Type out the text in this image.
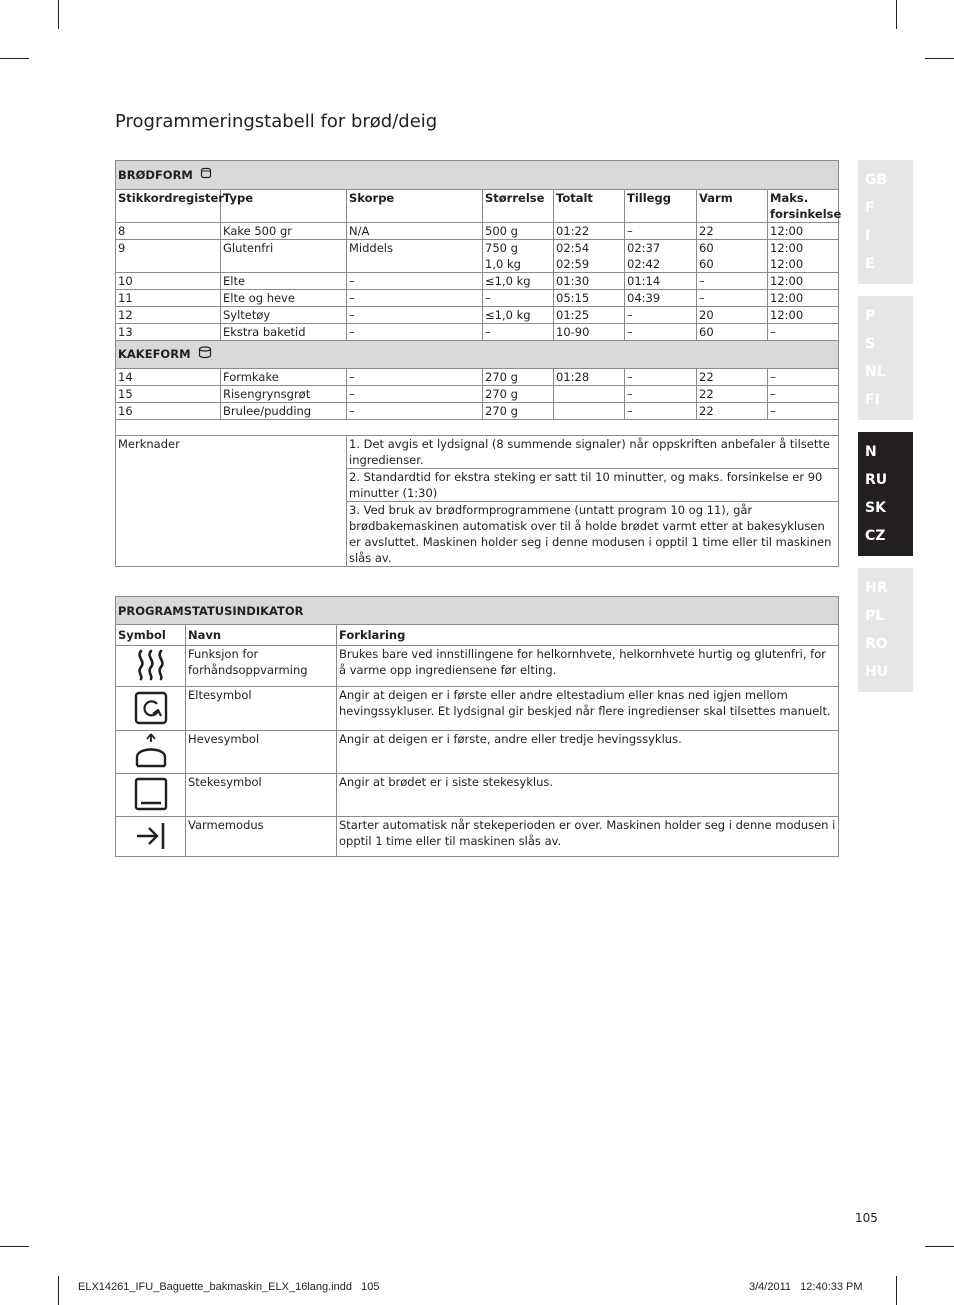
Programmeringstabell for brød/deig
BRØDFORM							
Stikkordregister	Type	Skorpe	Størrelse	Totalt	Tillegg	Varm	Maks. forsinkelse
8	Kake 500 gr	N/A	500 g	01:22	–	22	12:00
9	Glutenfri	Middels	750 g	02:54	02:37	60	12:00
			1,0 kg	02:59	02:42	60	12:00
10	Elte	–	≤1,0 kg	01:30	01:14	–	12:00
11	Elte og heve	–	–	05:15	04:39	–	12:00
12	Syltetøy	–	≤1,0 kg	01:25	–	20	12:00
13	Ekstra baketid	–	–	10-90	–	60	–
KAKEFORM							
14	Formkake	–	270 g	01:28	–	22	–
15	Risengrynsgrøt	–	270 g		–	22	–
16	Brulee/pudding	–	270 g		–	22	–

Merknader		1. Det avgis et lydsignal (8 summende signaler) når oppskriften anbefaler å tilsette ingredienser.					
		2. Standardtid for ekstra steking er satt til 10 minutter, og maks. forsinkelse er 90 minutter (1:30)					
		3. Ved bruk av brødformprogrammene (untatt program 10 og 11), går brødbakemaskinen automatisk over til å holde brødet varmt etter at bakesyklusen er avsluttet. Maskinen holder seg i denne modusen i opptil 1 time eller til maskinen slås av.					
PROGRAMSTATUSINDIKATOR		
Symbol	Navn	Forklaring
	Funksjon for forhåndsoppvarming	Brukes bare ved innstillingene for helkornhvete, helkornhvete hurtig og glutenfri, for å varme opp ingrediensene før elting.
	Eltesymbol	Angir at deigen er i første eller andre eltestadium eller knas ned igjen mellom hevingssykluser. Et lydsignal gir beskjed når flere ingredienser skal tilsettes manuelt.
	Hevesymbol	Angir at deigen er i første, andre eller tredje hevingssyklus.
	Stekesymbol	Angir at brødet er i siste stekesyklus.
	Varmemodus	Starter automatisk når stekeperioden er over. Maskinen holder seg i denne modusen i opptil 1 time eller til maskinen slås av.
GB
F
I
E
P
S
NL
FI
N
RU
SK
CZ
HR
PL
RO
HU
105
ELX14261_IFU_Baguette_bakmaskin_ELX_16lang.indd   105	3/4/2011   12:40:33 PM
